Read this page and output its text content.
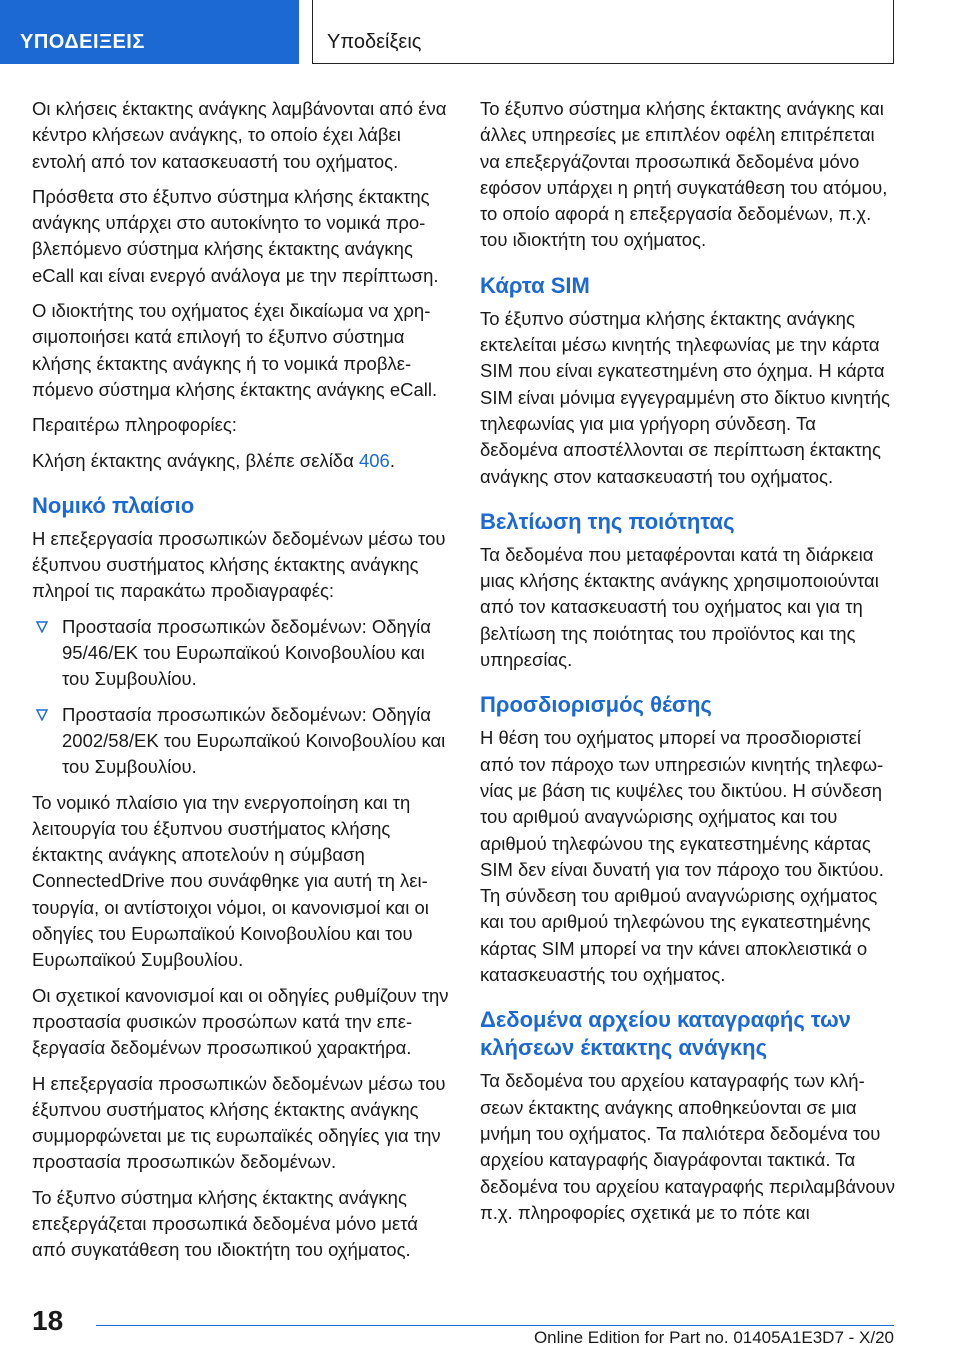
ΥΠΟΔΕΙΞΕΙΣ	Υποδείξεις

Οι κλήσεις έκτακτης ανάγκης λαμβάνονται από ένα κέντρο κλήσεων ανάγκης, το οποίο έχει λάβει εντολή από τον κατασκευαστή του οχήματος.

Πρόσθετα στο έξυπνο σύστημα κλήσης έκτακτης ανάγκης υπάρχει στο αυτοκίνητο το νομικά προβλεπόμενο σύστημα κλήσης έκτακτης ανάγκης eCall και είναι ενεργό ανάλογα με την περίπτωση.

Ο ιδιοκτήτης του οχήματος έχει δικαίωμα να χρησιμοποιήσει κατά επιλογή το έξυπνο σύστημα κλήσης έκτακτης ανάγκης ή το νομικά προβλεπόμενο σύστημα κλήσης έκτακτης ανάγκης eCall.

Περαιτέρω πληροφορίες:

Κλήση έκτακτης ανάγκης, βλέπε σελίδα 406.

Νομικό πλαίσιο

Η επεξεργασία προσωπικών δεδομένων μέσω του έξυπνου συστήματος κλήσης έκτακτης ανάγκης πληροί τις παρακάτω προδιαγραφές:

Προστασία προσωπικών δεδομένων: Οδηγία 95/46/ΕΚ του Ευρωπαϊκού Κοινοβουλίου και του Συμβουλίου.
Προστασία προσωπικών δεδομένων: Οδηγία 2002/58/ΕΚ του Ευρωπαϊκού Κοινοβουλίου και του Συμβουλίου.

Το νομικό πλαίσιο για την ενεργοποίηση και τη λειτουργία του έξυπνου συστήματος κλήσης έκτακτης ανάγκης αποτελούν η σύμβαση ConnectedDrive που συνάφθηκε για αυτή τη λειτουργία, οι αντίστοιχοι νόμοι, οι κανονισμοί και οι οδηγίες του Ευρωπαϊκού Κοινοβουλίου και του Ευρωπαϊκού Συμβουλίου.

Οι σχετικοί κανονισμοί και οι οδηγίες ρυθμίζουν την προστασία φυσικών προσώπων κατά την επεξεργασία δεδομένων προσωπικού χαρακτήρα.

Η επεξεργασία προσωπικών δεδομένων μέσω του έξυπνου συστήματος κλήσης έκτακτης ανάγκης συμμορφώνεται με τις ευρωπαϊκές οδηγίες για την προστασία προσωπικών δεδομένων.

Το έξυπνο σύστημα κλήσης έκτακτης ανάγκης επεξεργάζεται προσωπικά δεδομένα μόνο μετά από συγκατάθεση του ιδιοκτήτη του οχήματος.

Το έξυπνο σύστημα κλήσης έκτακτης ανάγκης και άλλες υπηρεσίες με επιπλέον οφέλη επιτρέπεται να επεξεργάζονται προσωπικά δεδομένα μόνο εφόσον υπάρχει η ρητή συγκατάθεση του ατόμου, το οποίο αφορά η επεξεργασία δεδομένων, π.χ. του ιδιοκτήτη του οχήματος.

Κάρτα SIM

Το έξυπνο σύστημα κλήσης έκτακτης ανάγκης εκτελείται μέσω κινητής τηλεφωνίας με την κάρτα SIM που είναι εγκατεστημένη στο όχημα. Η κάρτα SIM είναι μόνιμα εγγεγραμμένη στο δίκτυο κινητής τηλεφωνίας για μια γρήγορη σύνδεση. Τα δεδομένα αποστέλλονται σε περίπτωση έκτακτης ανάγκης στον κατασκευαστή του οχήματος.

Βελτίωση της ποιότητας

Τα δεδομένα που μεταφέρονται κατά τη διάρκεια μιας κλήσης έκτακτης ανάγκης χρησιμοποιούνται από τον κατασκευαστή του οχήματος και για τη βελτίωση της ποιότητας του προϊόντος και της υπηρεσίας.

Προσδιορισμός θέσης

Η θέση του οχήματος μπορεί να προσδιοριστεί από τον πάροχο των υπηρεσιών κινητής τηλεφωνίας με βάση τις κυψέλες του δικτύου. Η σύνδεση του αριθμού αναγνώρισης οχήματος και του αριθμού τηλεφώνου της εγκατεστημένης κάρτας SIM δεν είναι δυνατή για τον πάροχο του δικτύου. Τη σύνδεση του αριθμού αναγνώρισης οχήματος και του αριθμού τηλεφώνου της εγκατεστημένης κάρτας SIM μπορεί να την κάνει αποκλειστικά ο κατασκευαστής του οχήματος.

Δεδομένα αρχείου καταγραφής των κλήσεων έκτακτης ανάγκης

Τα δεδομένα του αρχείου καταγραφής των κλήσεων έκτακτης ανάγκης αποθηκεύονται σε μια μνήμη του οχήματος. Τα παλιότερα δεδομένα του αρχείου καταγραφής διαγράφονται τακτικά. Τα δεδομένα του αρχείου καταγραφής περιλαμβάνουν π.χ. πληροφορίες σχετικά με το πότε και

18
Online Edition for Part no. 01405A1E3D7 - X/20
